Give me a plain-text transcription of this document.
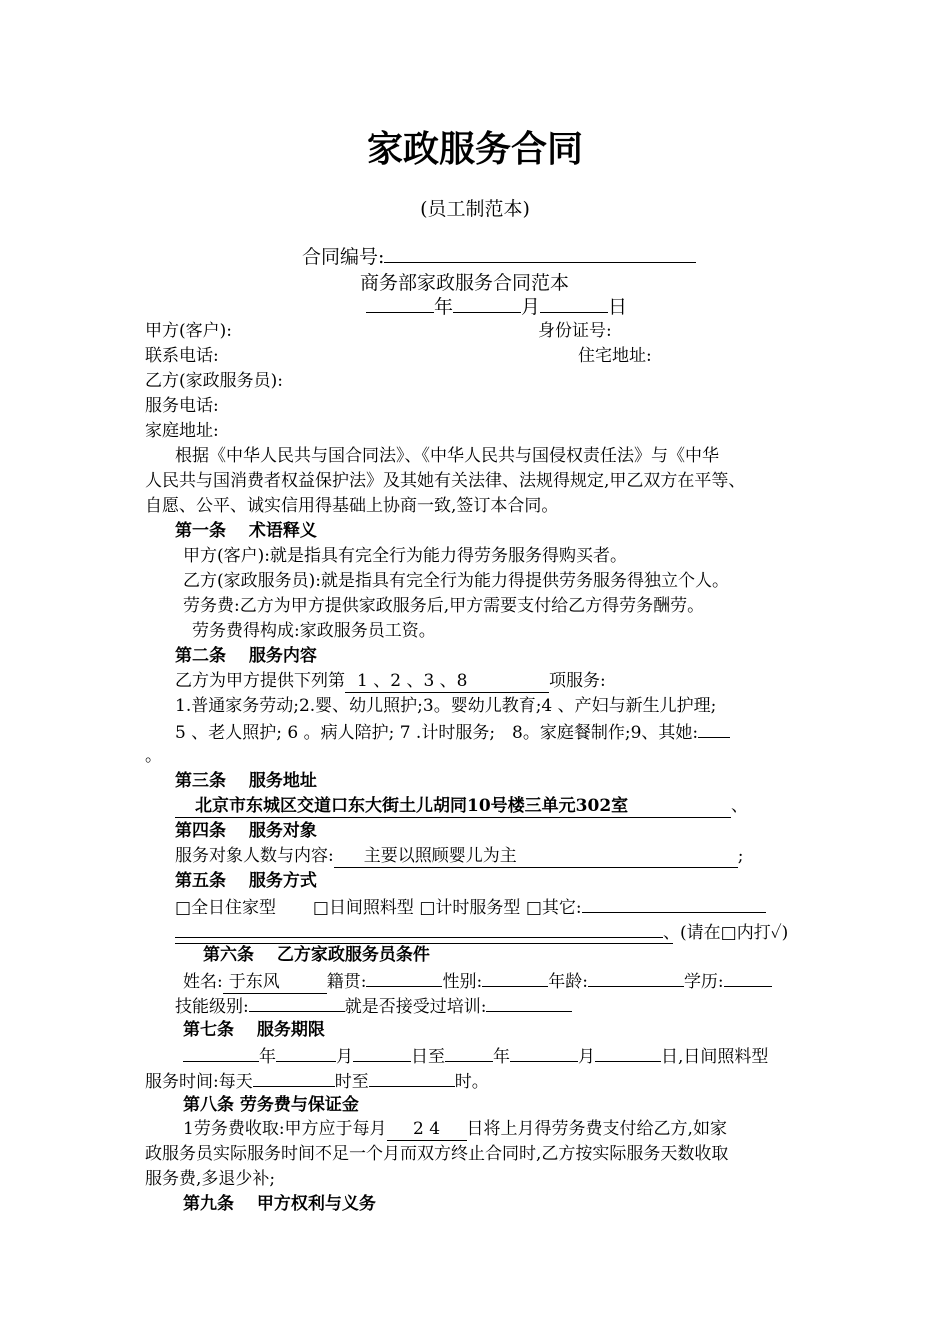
家政服务合同
(员工制范本)
合同编号:
商务部家政服务合同范本
年	月	日
甲方(客户):	身份证号:
联系电话:	住宅地址:
乙方(家政服务员):
服务电话:
家庭地址:
根据《中华人民共与国合同法》、《中华人民共与国侵权责任法》与《中华
人民共与国消费者权益保护法》及其她有关法律、法规得规定,甲乙双方在平等、
自愿、公平、诚实信用得基础上协商一致,签订本合同。
第一条　 术语释义
甲方(客户):就是指具有完全行为能力得劳务服务得购买者。
乙方(家政服务员):就是指具有完全行为能力得提供劳务服务得独立个人。
劳务费:乙方为甲方提供家政服务后,甲方需要支付给乙方得劳务酬劳。
劳务费得构成:家政服务员工资。
第二条　 服务内容
乙方为甲方提供下列第 1 、2 、3 、8	项服务:
1.普通家务劳动;2.婴、幼儿照护;3。婴幼儿教育;4 、产妇与新生儿护理;
5 、老人照护; 6 。病人陪护; 7 .计时服务;　8。家庭餐制作;9、其她:
。
第三条　 服务地址
北京市东城区交道口东大街土儿胡同10号楼三单元302室	、
第四条　 服务对象
服务对象人数与内容: 主要以照顾婴儿为主	;
第五条　 服务方式
□全日住家型 □日间照料型 □计时服务型 □其它:
、(请在□内打✓)
第六条　 乙方家政服务员条件
姓名: 于东风	籍贯:	性别:	年龄:	学历:
技能级别:	就是否接受过培训:
第七条　 服务期限
年	月	日至	年	月	日,日间照料型
服务时间:每天	时至	时。
第八条 劳务费与保证金
1劳务费收取:甲方应于每月 2 4 日将上月得劳务费支付给乙方,如家
政服务员实际服务时间不足一个月而双方终止合同时,乙方按实际服务天数收取
服务费,多退少补;
第九条　 甲方权利与义务
